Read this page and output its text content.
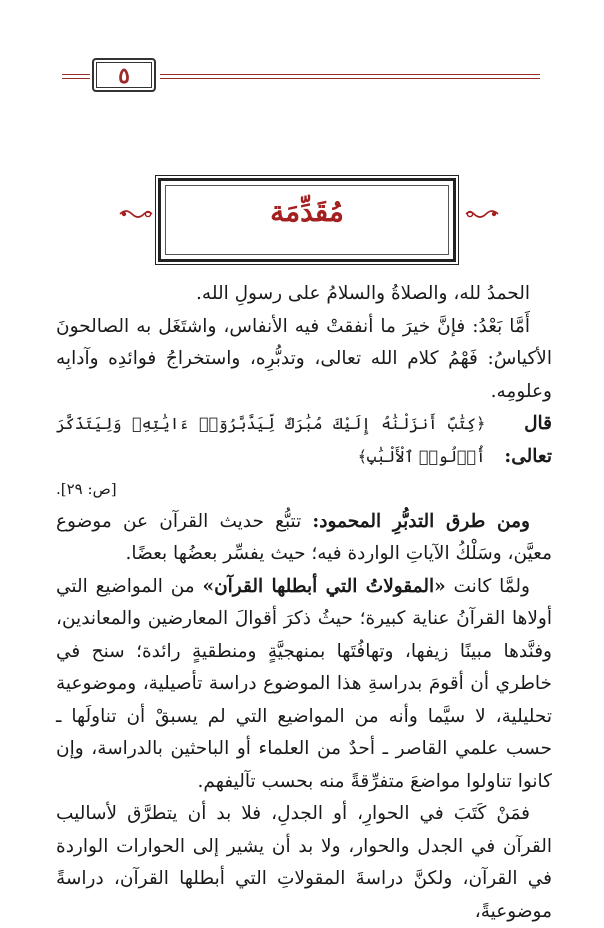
٥
مُقَدِّمَة

الحمدُ لله، والصلاةُ والسلامُ على رسولِ الله.

أَمَّا بَعْدُ: فإنَّ خيرَ ما أنفقتْ فيه الأنفاس، واشتَغَل به الصالحونَ الأكياسُ: فَهْمُ كلام الله تعالى، وتدبُّرِه، واستخراجُ فوائدِه وآدابِه وعلومِه.

قال تعالى:
﴿كِتَٰبٌ أَنزَلْنَٰهُ إِلَيْكَ مُبَٰرَكٌ لِّيَدَّبَّرُوٓا۟ ءَايَٰتِهِۦ وَلِيَتَذَكَّرَ أُو۟لُوا۟ ٱلْأَلْبَٰبِ﴾

[ص: ٢٩].

ومن طرق التدبُّرِ المحمود: تتبُّع حديث القرآن عن موضوع معيَّن، وسَلْكُ الآياتِ الواردة فيه؛ حيث يفسِّر بعضُها بعضًا.

ولمَّا كانت «المقولاتُ التي أبطلها القرآن» من المواضيع التي أولاها القرآنُ عناية كبيرة؛ حيثُ ذكرَ أقوالَ المعارضين والمعاندين، وفنَّدها مبينًا زيفها، وتهافُتَها بمنهجيَّةٍ ومنطقيةٍ رائدة؛ سنح في خاطري أن أقومَ بدراسةِ هذا الموضوع دراسة تأصيلية، وموضوعية تحليلية، لا سيَّما وأنه من المواضيع التي لم يسبقْ أن تناولَها ـ حسب علمي القاصر ـ أحدٌ من العلماء أو الباحثين بالدراسة، وإن كانوا تناولوا مواضعَ متفرِّقةً منه بحسب تآليفهم.

فمَنْ كَتَبَ في الحوارِ، أو الجدلِ، فلا بد أن يتطرَّق لأساليب القرآن في الجدل والحوار، ولا بد أن يشير إلى الحوارات الواردة في القرآن، ولكنَّ دراسةَ المقولاتِ التي أبطلها القرآن، دراسةً موضوعيةً،
